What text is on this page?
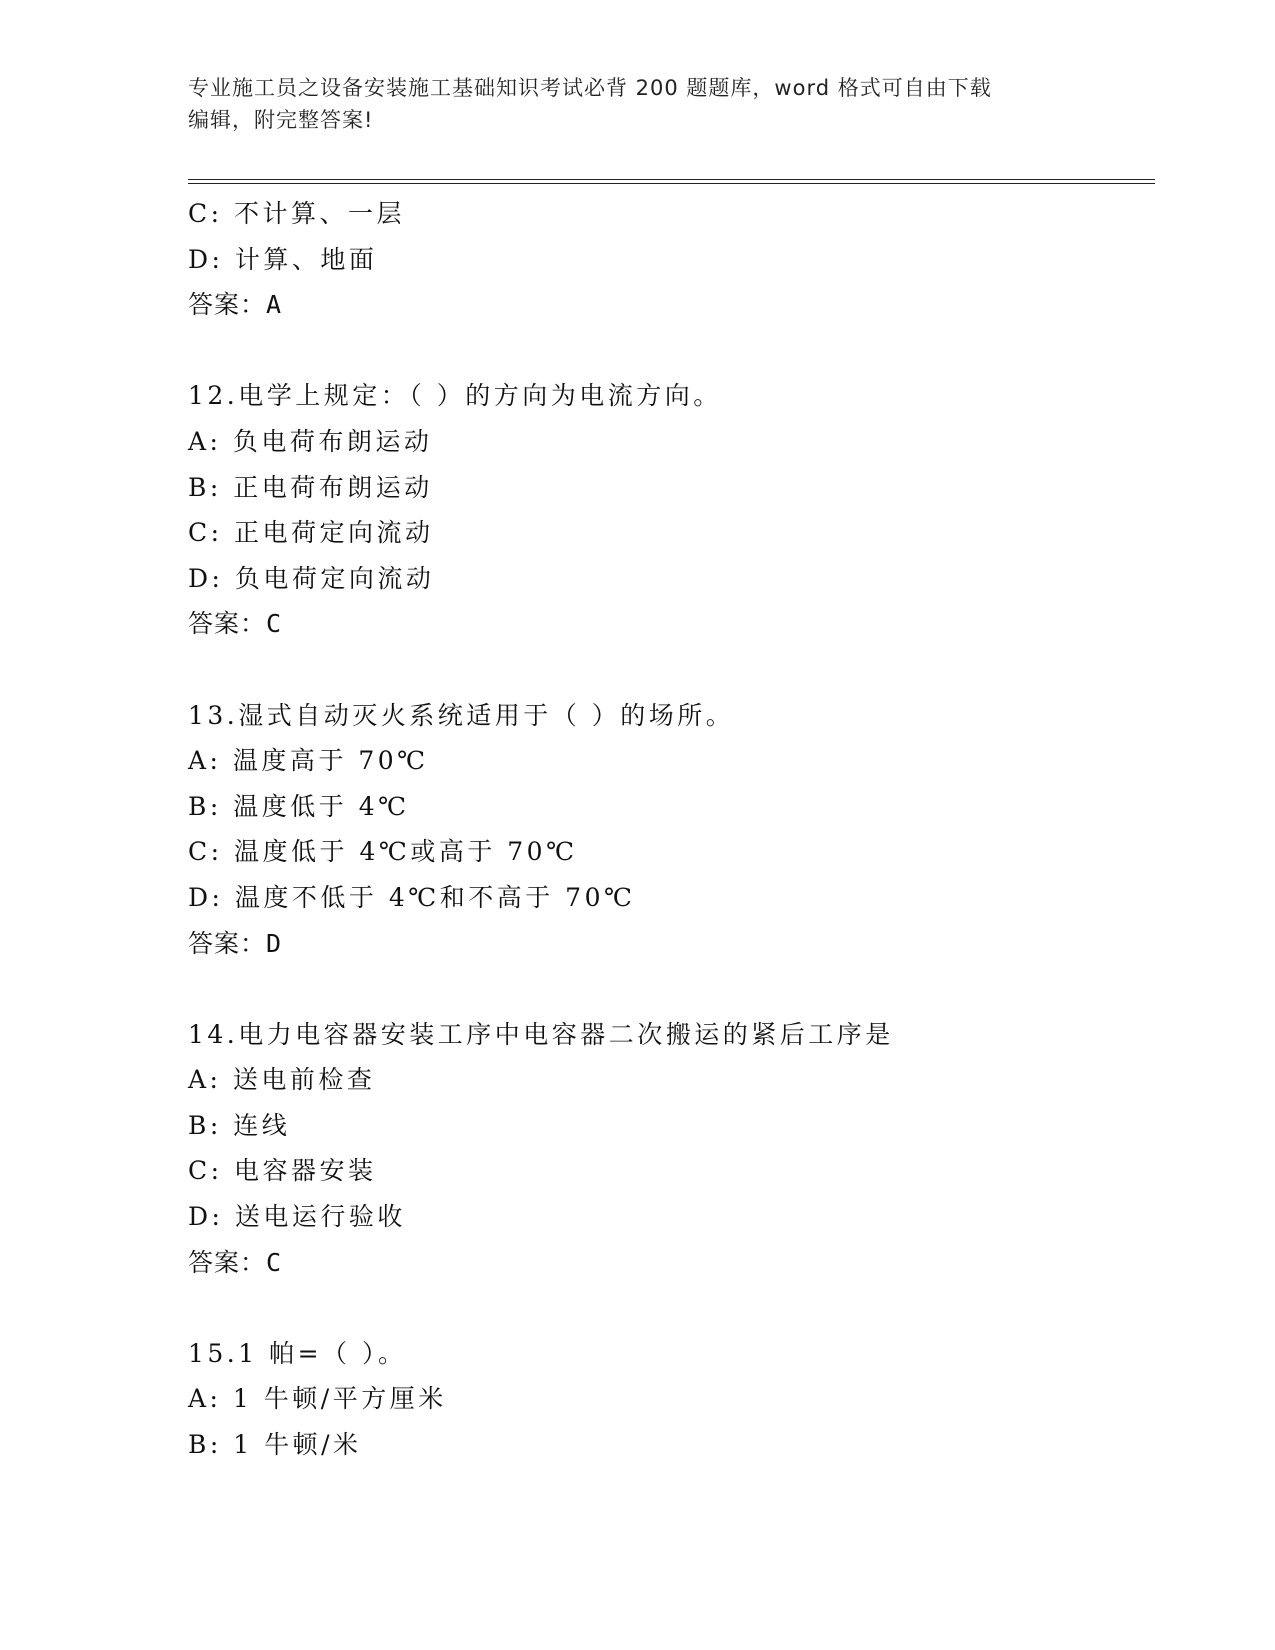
专业施工员之设备安装施工基础知识考试必背 200 题题库，word 格式可自由下载
编辑，附完整答案!
C: 不计算、一层
D: 计算、地面
答案：A
12.电学上规定：（ ）的方向为电流方向。
A: 负电荷布朗运动
B: 正电荷布朗运动
C: 正电荷定向流动
D: 负电荷定向流动
答案：C
13.湿式自动灭火系统适用于（ ）的场所。
A: 温度高于 70℃
B: 温度低于 4℃
C: 温度低于 4℃或高于 70℃
D: 温度不低于 4℃和不高于 70℃
答案：D
14.电力电容器安装工序中电容器二次搬运的紧后工序是
A: 送电前检查
B: 连线
C: 电容器安装
D: 送电运行验收
答案：C
15.1 帕=（ ）。
A: 1 牛顿/平方厘米
B: 1 牛顿/米
